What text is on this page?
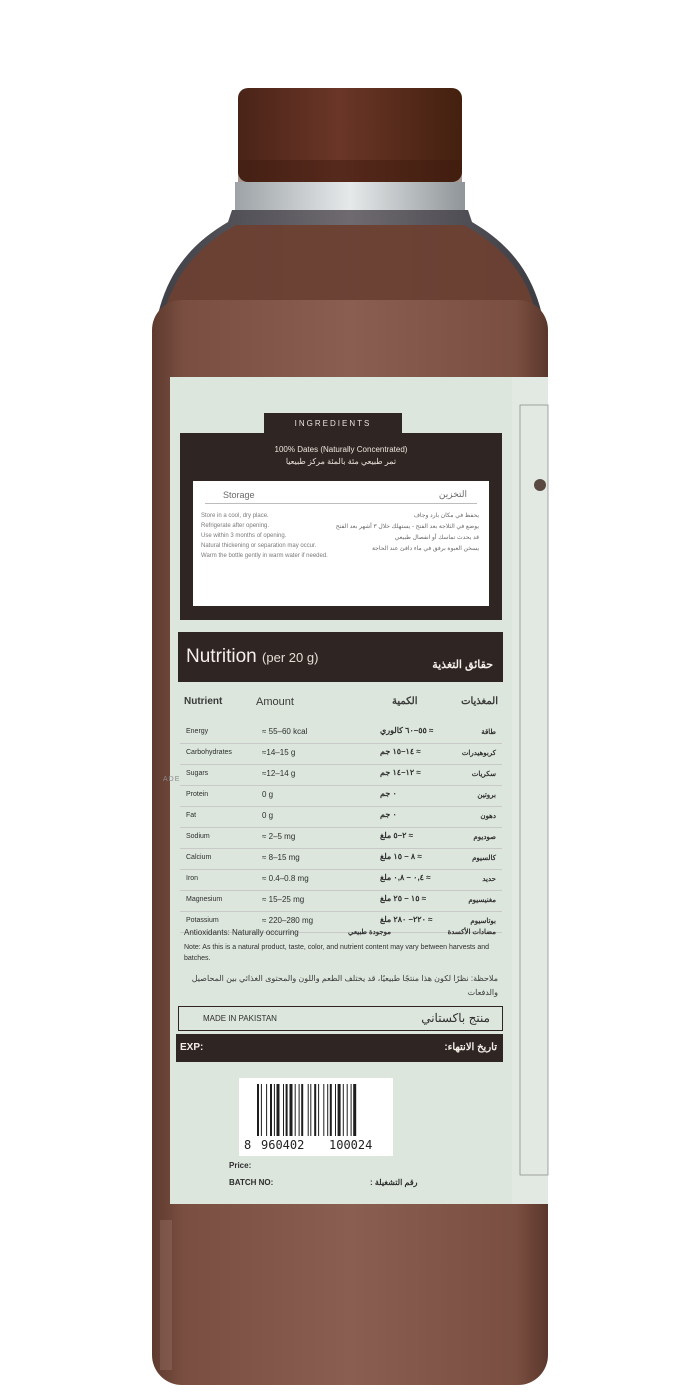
INGREDIENTS
100% Dates (Naturally Concentrated)
تمر طبيعي مئة بالمئة مركز طبيعيا
Storage	التخزين
Store in a cool, dry place.
Refrigerate after opening.
Use within 3 months of opening.
Natural thickening or separation may occur.
Warm the bottle gently in warm water if needed.
يحفظ في مكان بارد وجاف
يوضع في الثلاجة بعد الفتح - يستهلك خلال ٣ أشهر بعد الفتح
قد يحدث تماسك أو انفصال طبيعي
يسخن العبوة برفق في ماء دافئ عند الحاجة
Nutrition (per 20 g)	حقائق التغذية
Nutrient	Amount	الكمية	المغذيات
Energy	≈ 55–60 kcal	≈ ٥٥–٦٠ كالوري	طاقة
Carbohydrates	≈14–15 g	≈ ١٤–١٥ جم	كربوهيدرات
Sugars	≈12–14 g	≈ ١٢–١٤ جم	سكريات
Protein	0 g	٠ جم	بروتين
Fat	0 g	٠ جم	دهون
Sodium	≈ 2–5 mg	≈ ٢–٥ ملغ	صوديوم
Calcium	≈ 8–15 mg	≈ ٨ – ١٥ ملغ	كالسيوم
Iron	≈ 0.4–0.8 mg	≈ ٠,٤ – ٠,٨ ملغ	حديد
Magnesium	≈ 15–25 mg	≈ ١٥ – ٢٥ ملغ	مغنيسيوم
Potassium	≈ 220–280 mg	≈ ٢٢٠– ٢٨٠ ملغ	بوتاسيوم
Antioxidants: Naturally occurring	موجودة طبيعي	مضادات الأكسدة
Note: As this is a natural product, taste, color, and nutrient content may vary between harvests and batches.
ملاحظة: نظرًا لكون هذا منتجًا طبيعيًا، قد يختلف الطعم واللون والمحتوى الغذائي بين المحاصيل والدفعات
MADE IN PAKISTAN	منتج باكستاني
EXP:	تاريخ الانتهاء:
8 960402 100024
Price:
BATCH NO:	رقم التشغيلة :
ADE
